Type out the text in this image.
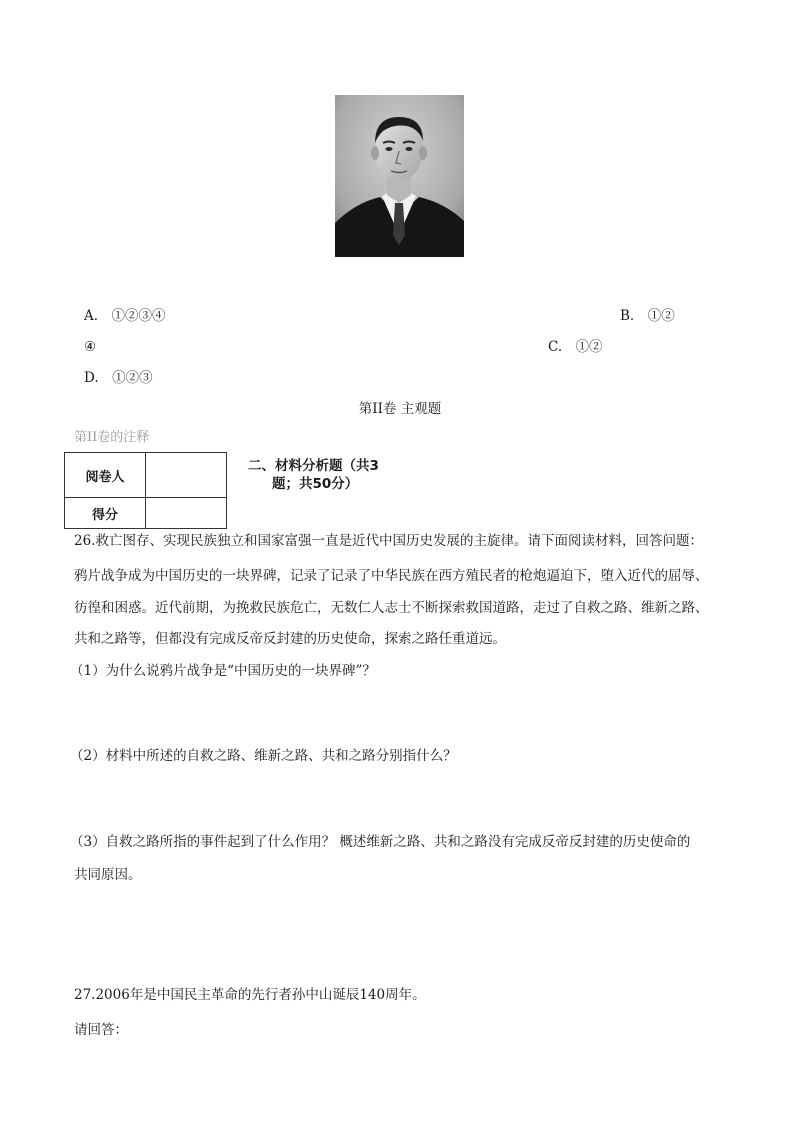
A.　①②③④	B.　①②
④	C.　①②
D.　①②③
第II卷 主观题
第II卷的注释
阅卷人	
得分	
二、材料分析题（共3
题；共50分）
26.救亡图存、实现民族独立和国家富强一直是近代中国历史发展的主旋律。请下面阅读材料，回答问题：
鸦片战争成为中国历史的一块界碑，记录了记录了中华民族在西方殖民者的枪炮逼迫下，堕入近代的屈辱、
彷徨和困惑。近代前期，为挽救民族危亡，无数仁人志士不断探索救国道路，走过了自救之路、维新之路、
共和之路等，但都没有完成反帝反封建的历史使命，探索之路任重道远。
（1）为什么说鸦片战争是“中国历史的一块界碑”？
（2）材料中所述的自救之路、维新之路、共和之路分别指什么？
（3）自救之路所指的事件起到了什么作用？ 概述维新之路、共和之路没有完成反帝反封建的历史使命的
共同原因。
27.2006年是中国民主革命的先行者孙中山诞辰140周年。
请回答：
